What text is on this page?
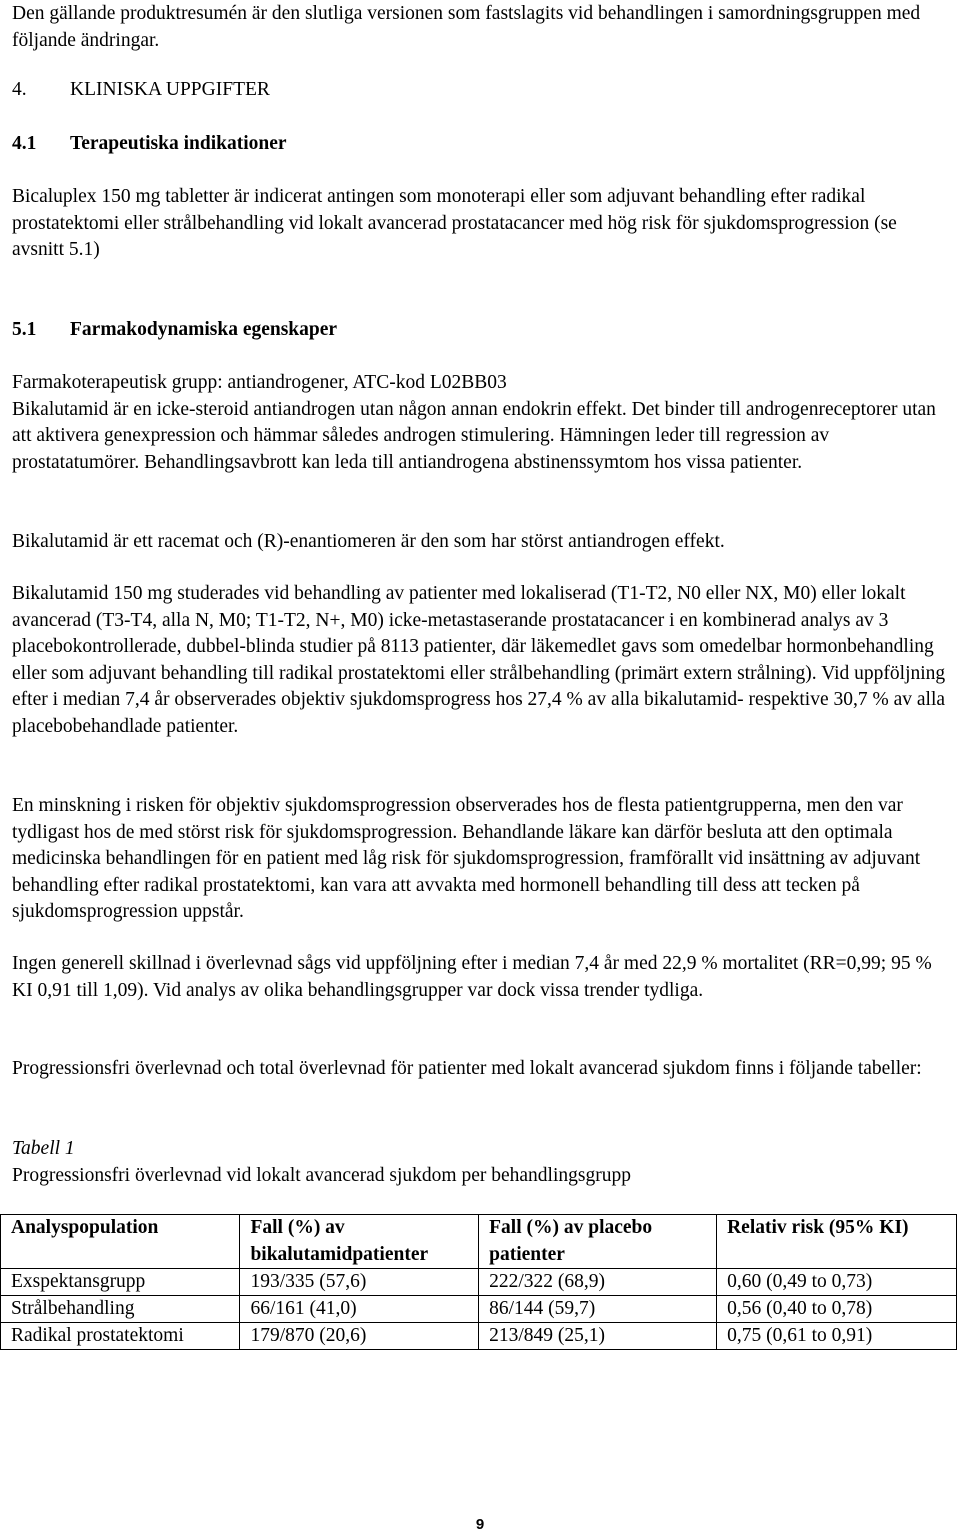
Den gällande produktresumén är den slutliga versionen som fastslagits vid behandlingen i samordningsgruppen med följande ändringar.

4. KLINISKA UPPGIFTER

4.1 Terapeutiska indikationer

Bicaluplex 150 mg tabletter är indicerat antingen som monoterapi eller som adjuvant behandling efter radikal prostatektomi eller strålbehandling vid lokalt avancerad prostatacancer med hög risk för sjukdomsprogression (se avsnitt 5.1)

5.1 Farmakodynamiska egenskaper

Farmakoterapeutisk grupp: antiandrogener, ATC-kod L02BB03

Bikalutamid är en icke-steroid antiandrogen utan någon annan endokrin effekt. Det binder till androgenreceptorer utan att aktivera genexpression och hämmar således androgen stimulering. Hämningen leder till regression av prostatatumörer. Behandlingsavbrott kan leda till antiandrogena abstinenssymtom hos vissa patienter.

Bikalutamid är ett racemat och (R)-enantiomeren är den som har störst antiandrogen effekt.

Bikalutamid 150 mg studerades vid behandling av patienter med lokaliserad (T1-T2, N0 eller NX, M0) eller lokalt avancerad (T3-T4, alla N, M0; T1-T2, N+, M0) icke-metastaserande prostatacancer i en kombinerad analys av 3 placebokontrollerade, dubbel-blinda studier på 8113 patienter, där läkemedlet gavs som omedelbar hormonbehandling eller som adjuvant behandling till radikal prostatektomi eller strålbehandling (primärt extern strålning). Vid uppföljning efter i median 7,4 år observerades objektiv sjukdomsprogress hos 27,4 % av alla bikalutamid- respektive 30,7 % av alla placebobehandlade patienter.

En minskning i risken för objektiv sjukdomsprogression observerades hos de flesta patientgrupperna, men den var tydligast hos de med störst risk för sjukdomsprogression. Behandlande läkare kan därför besluta att den optimala medicinska behandlingen för en patient med låg risk för sjukdomsprogression, framförallt vid insättning av adjuvant behandling efter radikal prostatektomi, kan vara att avvakta med hormonell behandling till dess att tecken på sjukdomsprogression uppstår.

Ingen generell skillnad i överlevnad sågs vid uppföljning efter i median 7,4 år med 22,9 % mortalitet (RR=0,99; 95 % KI 0,91 till 1,09). Vid analys av olika behandlingsgrupper var dock vissa trender tydliga.

Progressionsfri överlevnad och total överlevnad för patienter med lokalt avancerad sjukdom finns i följande tabeller:

Tabell 1

Progressionsfri överlevnad vid lokalt avancerad sjukdom per behandlingsgrupp

Analyspopulation	Fall (%) av bikalutamidpatienter	Fall (%) av placebo patienter	Relativ risk (95% KI)
Exspektansgrupp	193/335 (57,6)	222/322 (68,9)	0,60 (0,49 to 0,73)
Strålbehandling	66/161 (41,0)	86/144 (59,7)	0,56 (0,40 to 0,78)
Radikal prostatektomi	179/870 (20,6)	213/849 (25,1)	0,75 (0,61 to 0,91)
9
